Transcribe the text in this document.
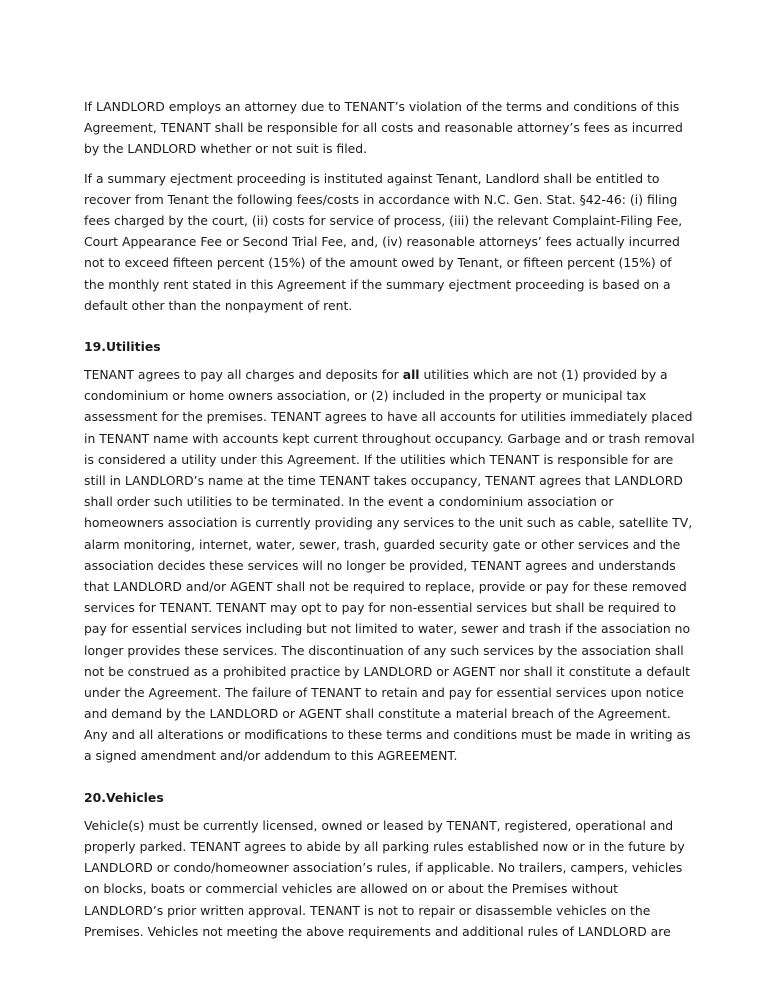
If LANDLORD employs an attorney due to TENANT’s violation of the terms and conditions of this
Agreement, TENANT shall be responsible for all costs and reasonable attorney’s fees as incurred
by the LANDLORD whether or not suit is filed.

If a summary ejectment proceeding is instituted against Tenant, Landlord shall be entitled to
recover from Tenant the following fees/costs in accordance with N.C. Gen. Stat. §42-46: (i) filing
fees charged by the court, (ii) costs for service of process, (iii) the relevant Complaint-Filing Fee,
Court Appearance Fee or Second Trial Fee, and, (iv) reasonable attorneys’ fees actually incurred
not to exceed fifteen percent (15%) of the amount owed by Tenant, or fifteen percent (15%) of
the monthly rent stated in this Agreement if the summary ejectment proceeding is based on a
default other than the nonpayment of rent.

19.Utilities

TENANT agrees to pay all charges and deposits for all utilities which are not (1) provided by a
condominium or home owners association, or (2) included in the property or municipal tax
assessment for the premises. TENANT agrees to have all accounts for utilities immediately placed
in TENANT name with accounts kept current throughout occupancy. Garbage and or trash removal
is considered a utility under this Agreement. If the utilities which TENANT is responsible for are
still in LANDLORD’s name at the time TENANT takes occupancy, TENANT agrees that LANDLORD
shall order such utilities to be terminated. In the event a condominium association or
homeowners association is currently providing any services to the unit such as cable, satellite TV,
alarm monitoring, internet, water, sewer, trash, guarded security gate or other services and the
association decides these services will no longer be provided, TENANT agrees and understands
that LANDLORD and/or AGENT shall not be required to replace, provide or pay for these removed
services for TENANT. TENANT may opt to pay for non-essential services but shall be required to
pay for essential services including but not limited to water, sewer and trash if the association no
longer provides these services. The discontinuation of any such services by the association shall
not be construed as a prohibited practice by LANDLORD or AGENT nor shall it constitute a default
under the Agreement. The failure of TENANT to retain and pay for essential services upon notice
and demand by the LANDLORD or AGENT shall constitute a material breach of the Agreement.
Any and all alterations or modifications to these terms and conditions must be made in writing as
a signed amendment and/or addendum to this AGREEMENT.

20.Vehicles

Vehicle(s) must be currently licensed, owned or leased by TENANT, registered, operational and
properly parked. TENANT agrees to abide by all parking rules established now or in the future by
LANDLORD or condo/homeowner association’s rules, if applicable. No trailers, campers, vehicles
on blocks, boats or commercial vehicles are allowed on or about the Premises without
LANDLORD’s prior written approval. TENANT is not to repair or disassemble vehicles on the
Premises. Vehicles not meeting the above requirements and additional rules of LANDLORD are
